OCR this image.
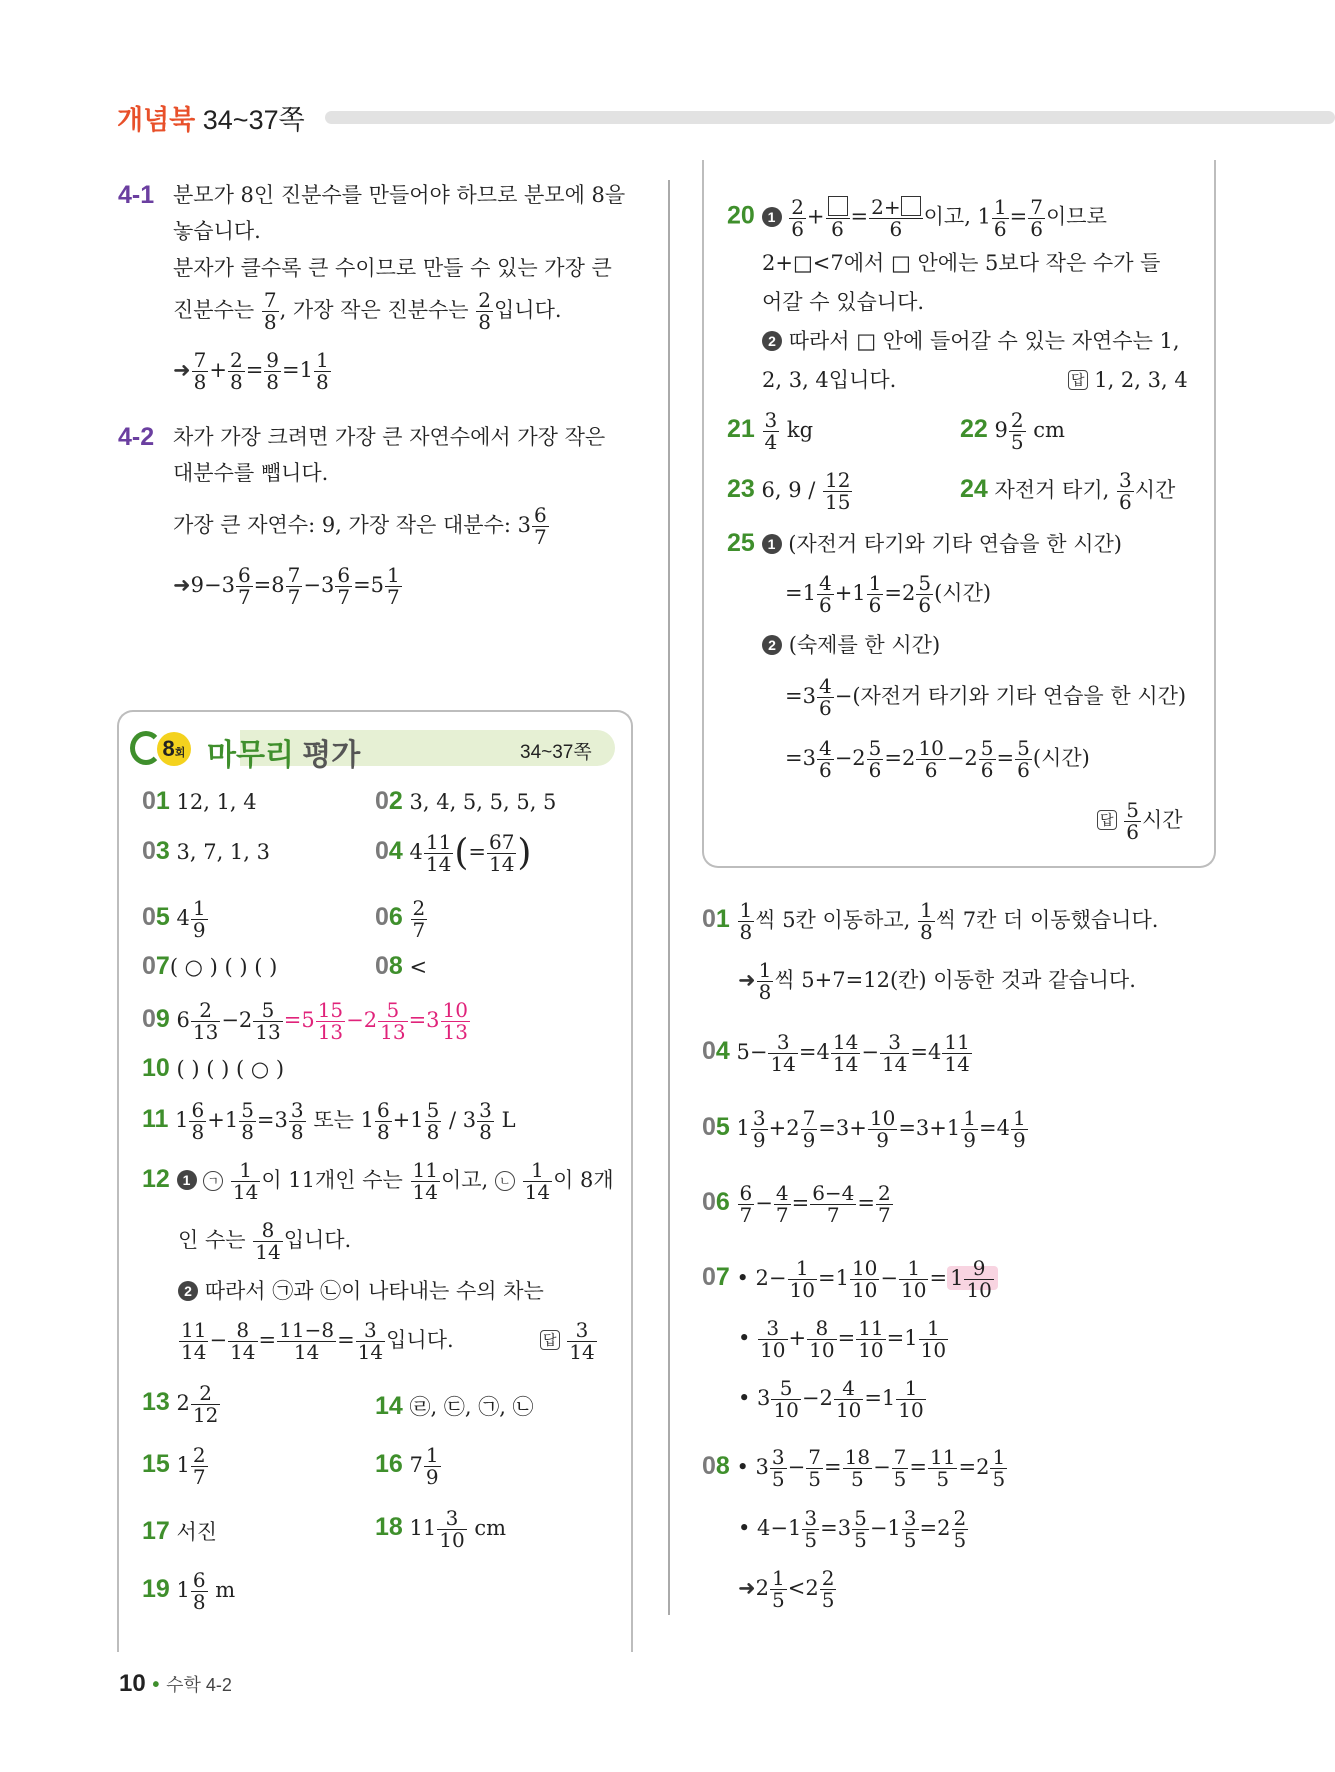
개념북 34~37쪽
4-1 분모가 8인 진분수를 만들어야 하므로 분모에 8을
놓습니다.
분자가 클수록 큰 수이므로 만들 수 있는 가장 큰
진분수는 $\frac{7}{8}$ , 가장 작은 진분수는 $\frac{2}{8}$ 입니다.
➜ $\frac{7}{8} + \frac{2}{8} = \frac{9}{8} =1 \frac{1}{8}$
4-2 차가 가장 크려면 가장 큰 자연수에서 가장 작은
대분수를 뺍니다.
가장 큰 자연수: 9, 가장 작은 대분수: $3 \frac{6}{7}$
➜9−3 $\frac{6}{7} =8 \frac{7}{7} -3 \frac{6}{7} =5 \frac{1}{7}$
8회 마무리 평가	34~37쪽
01 12, 1, 4	02 3, 4, 5, 5, 5, 5
03 3, 7, 1, 3	04 $4 \frac{11}{14}$ (= $\frac{67}{14}$ )
05 $4 \frac{1}{9}$	$06 \frac{2}{7}$
07( ○ ) ( ) ( )	08 <
09 $6 \frac{2}{13} -2 \frac{5}{13} =5 \frac{15}{13} -2 \frac{5}{13} =3 \frac{10}{13}$
10 ( ) ( ) ( ○ )
11 $1 \frac{6}{8} +1 \frac{5}{8} =3 \frac{3}{8}$ 또는 $1 \frac{6}{8} +1 \frac{5}{8} / 3 \frac{3}{8}$ L
12 1 ㄱ $\frac{1}{14}$ 이 11개인 수는 $\frac{11}{14}$ 이고, ㄴ $\frac{1}{14}$ 이 8개
인 수는 $\frac{8}{14}$ 입니다.
2 따라서 ㉠과 ㉡이 나타내는 수의 차는
$\frac{11}{14} - \frac{8}{14} = \frac{11-8}{14} = \frac{3}{14}$ 입니다.	답 $\frac{3}{14}$
13 $2 \frac{2}{12}$	14 ㉣, ㉢, ㉠, ㉡
15 $1 \frac{2}{7}$	16 $7 \frac{1}{9}$
17 서진	18 $11 \frac{3}{10}$ cm
19 $1 \frac{6}{8}$ m
20 $1 \frac{2}{6}$ +
6
= $\frac{2+}{6}$ 이고, $1 \frac{1}{6} = \frac{7}{6}$ 이므로
2+□<7에서 □ 안에는 5보다 작은 수가 들
어갈 수 있습니다.
2 따라서 □ 안에 들어갈 수 있는 자연수는 1,
2, 3, 4입니다.	답 1, 2, 3, 4
$21 \frac{3}{4}$ kg	22 $9 \frac{2}{5}$ cm
23 6, $9 / \frac{12}{15}$	24 자전거 타기, $\frac{3}{6}$ 시간
25 1 (자전거 타기와 기타 연습을 한 시간)
$=1 \frac{4}{6} +1 \frac{1}{6} =2 \frac{5}{6}$ (시간)
2 (숙제를 한 시간)
$=3 \frac{4}{6}$ −(자전거 타기와 기타 연습을 한 시간)
$=3 \frac{4}{6} -2 \frac{5}{6} =2 \frac{10}{6} -2 \frac{5}{6} = \frac{5}{6}$ (시간)
답 $\frac{5}{6}$ 시간
$01 \frac{1}{8}$ 씩 5칸 이동하고, $\frac{1}{8}$ 씩 7칸 더 이동했습니다.
➜ $\frac{1}{8}$ 씩 5+7=12(칸) 이동한 것과 같습니다.
04 $5- \frac{3}{14} =4 \frac{14}{14} - \frac{3}{14} =4 \frac{11}{14}$
05 $1 \frac{3}{9} +2 \frac{7}{9} =3+ \frac{10}{9} =3+1 \frac{1}{9} =4 \frac{1}{9}$
$06 \frac{6}{7} - \frac{4}{7} = \frac{6-4}{7} = \frac{2}{7}$
07 • $2- \frac{1}{10} =1 \frac{10}{10} - \frac{1}{10} = 1 \frac{9}{10}$
• $\frac{3}{10} + \frac{8}{10} = \frac{11}{10} =1 \frac{1}{10}$
• $3 \frac{5}{10} -2 \frac{4}{10} =1 \frac{1}{10}$
08 • $3 \frac{3}{5} - \frac{7}{5} = \frac{18}{5} - \frac{7}{5} = \frac{11}{5} =2 \frac{1}{5}$
• $4-1 \frac{3}{5} =3 \frac{5}{5} -1 \frac{3}{5} =2 \frac{2}{5}$
➜2 $\frac{1}{5} <2 \frac{2}{5}$
10 • 수학 4-2
